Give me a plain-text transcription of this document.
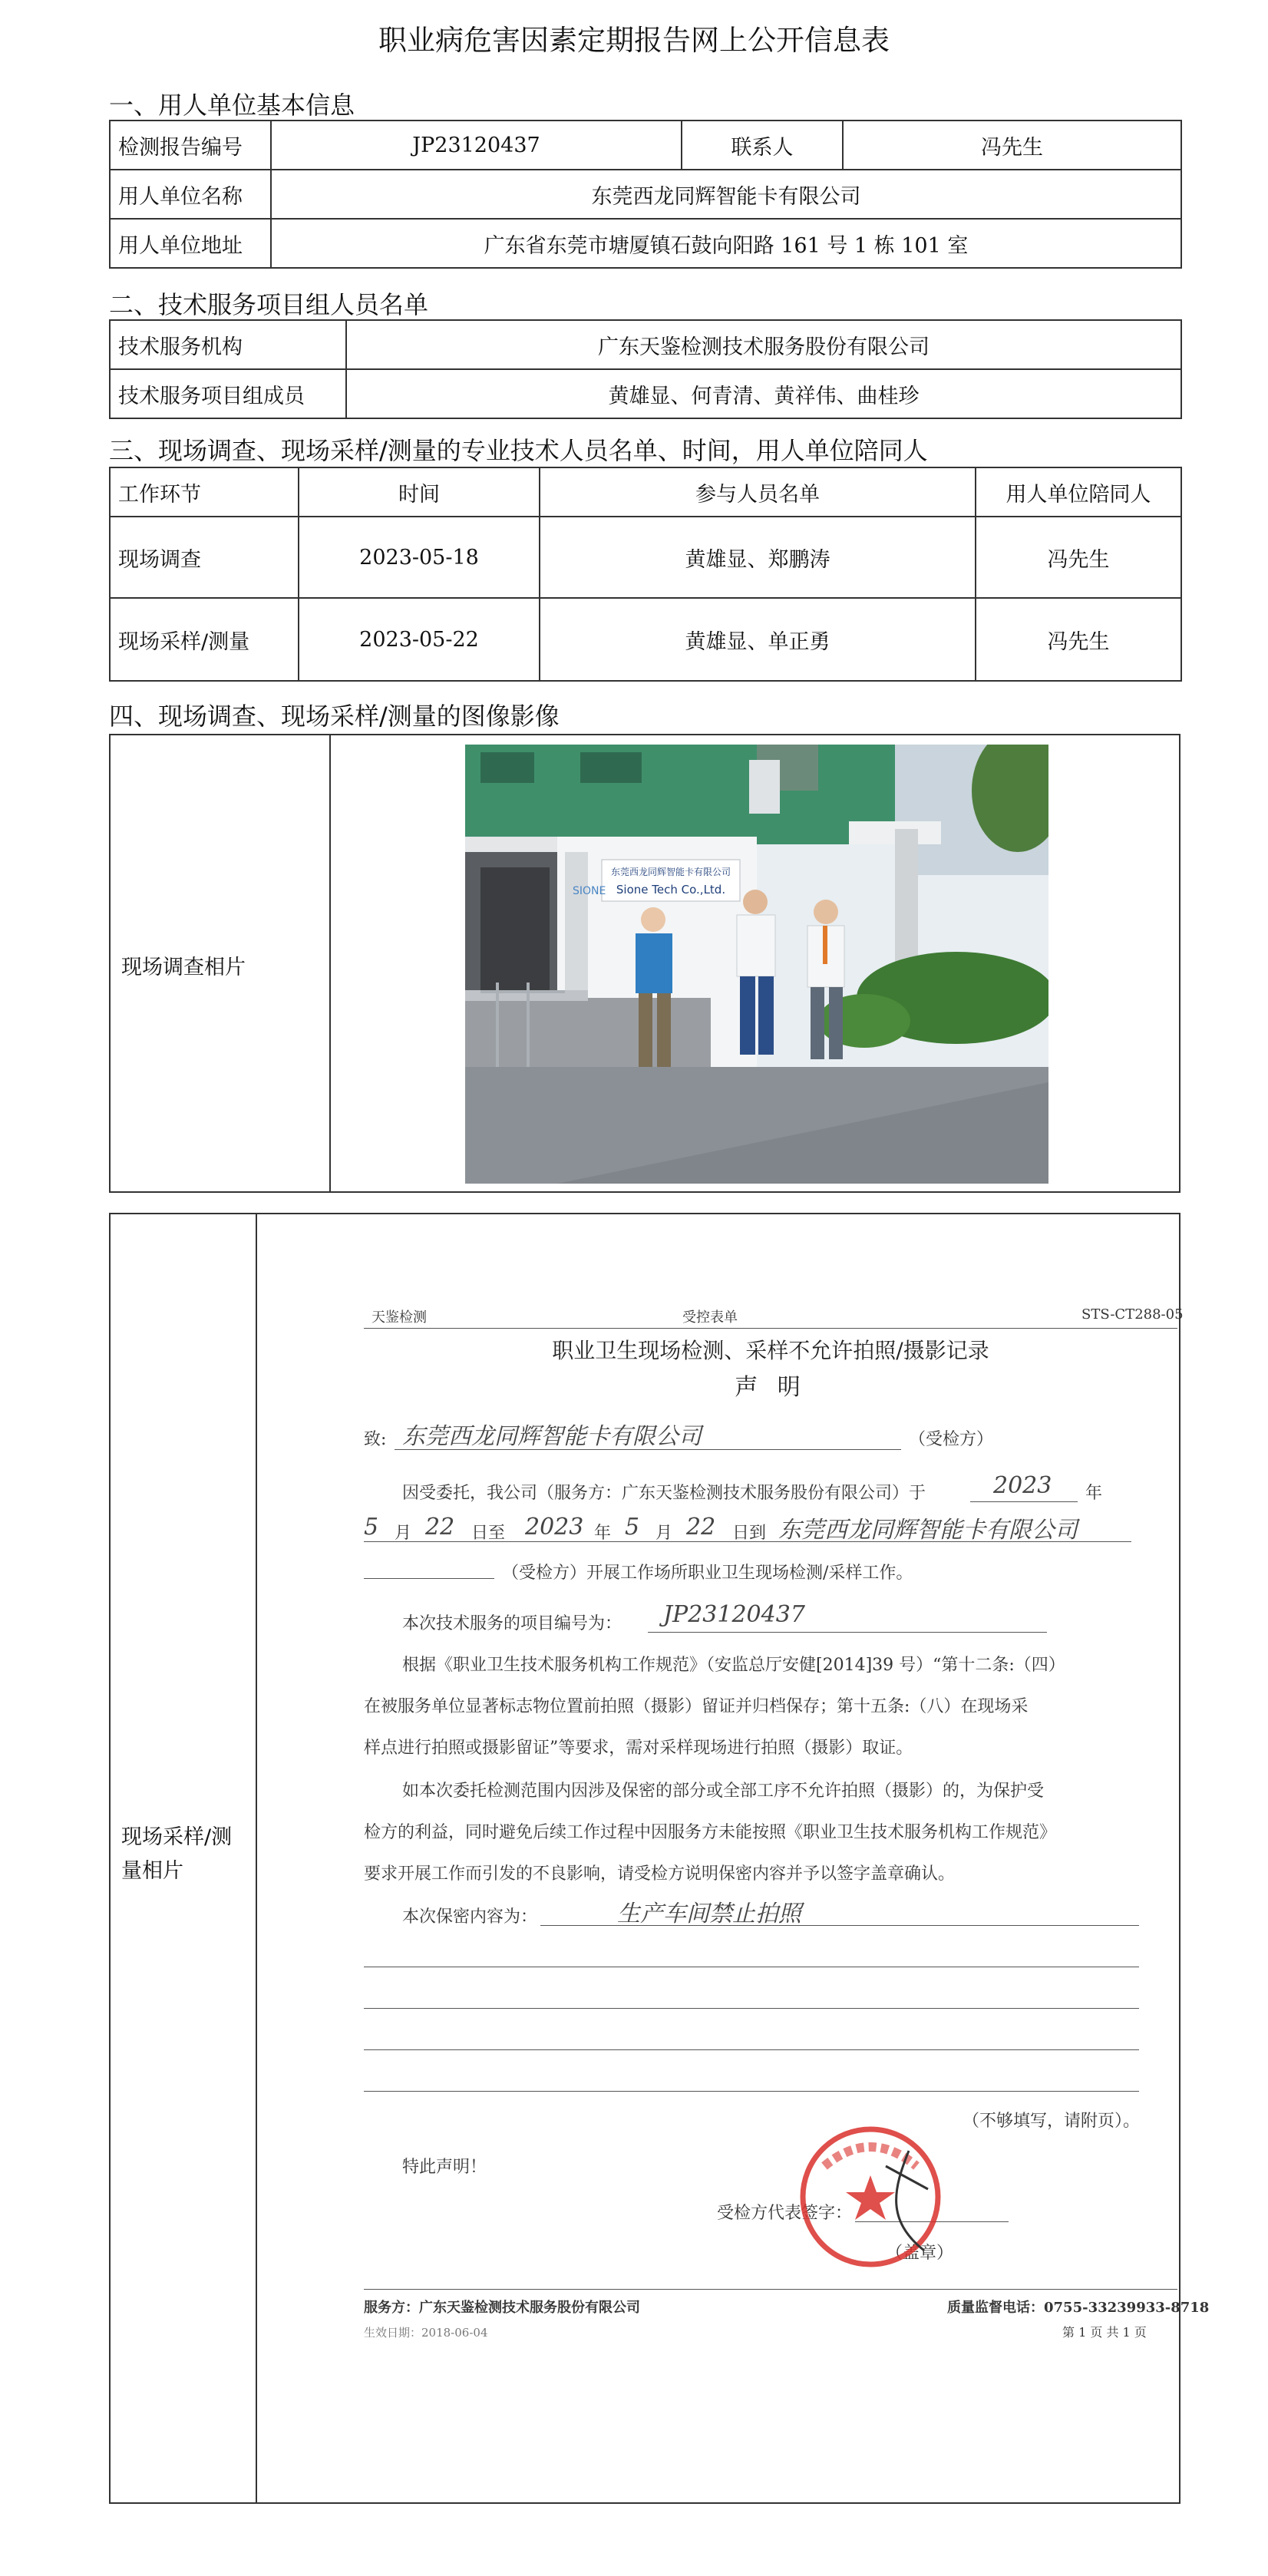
职业病危害因素定期报告网上公开信息表
一、用人单位基本信息
检测报告编号	JP23120437	联系人	冯先生
用人单位名称	东莞西龙同辉智能卡有限公司		
用人单位地址	广东省东莞市塘厦镇石鼓向阳路 161 号 1 栋 101 室		
二、技术服务项目组人员名单
技术服务机构	广东天鉴检测技术服务股份有限公司
技术服务项目组成员	黄雄显、何青清、黄祥伟、曲桂珍
三、现场调查、现场采样/测量的专业技术人员名单、时间，用人单位陪同人
工作环节	时间	参与人员名单	用人单位陪同人
现场调查	2023-05-18	黄雄显、郑鹏涛	冯先生
现场采样/测量	2023-05-22	黄雄显、单正勇	冯先生
四、现场调查、现场采样/测量的图像影像
现场调查相片
东莞西龙同辉智能卡有限公司
Sione Tech Co.,Ltd.
SIONE
现场采样/测量相片
天鉴检测	受控表单	STS-CT288-05
职业卫生现场检测、采样不允许拍照/摄影记录
声 明
致: 东莞西龙同辉智能卡有限公司	（受检方）
因受委托，我公司（服务方：广东天鉴检测技术服务股份有限公司）于	2023 年
5 月 22 日至 2023 年 5 月 22 日到 东莞西龙同辉智能卡有限公司
（受检方）开展工作场所职业卫生现场检测/采样工作。
本次技术服务的项目编号为： JP23120437
根据《职业卫生技术服务机构工作规范》（安监总厅安健[2014]39 号）“第十二条:（四）
在被服务单位显著标志物位置前拍照（摄影）留证并归档保存；第十五条:（八）在现场采
样点进行拍照或摄影留证”等要求，需对采样现场进行拍照（摄影）取证。
如本次委托检测范围内因涉及保密的部分或全部工序不允许拍照（摄影）的，为保护受
检方的利益，同时避免后续工作过程中因服务方未能按照《职业卫生技术服务机构工作规范》
要求开展工作而引发的不良影响，请受检方说明保密内容并予以签字盖章确认。
本次保密内容为：	生产车间禁止拍照
（不够填写，请附页）。
特此声明！
受检方代表签字：
（盖章）
服务方：广东天鉴检测技术服务股份有限公司	质量监督电话：0755-33239933-8718
生效日期：2018-06-04	第 1 页 共 1 页
